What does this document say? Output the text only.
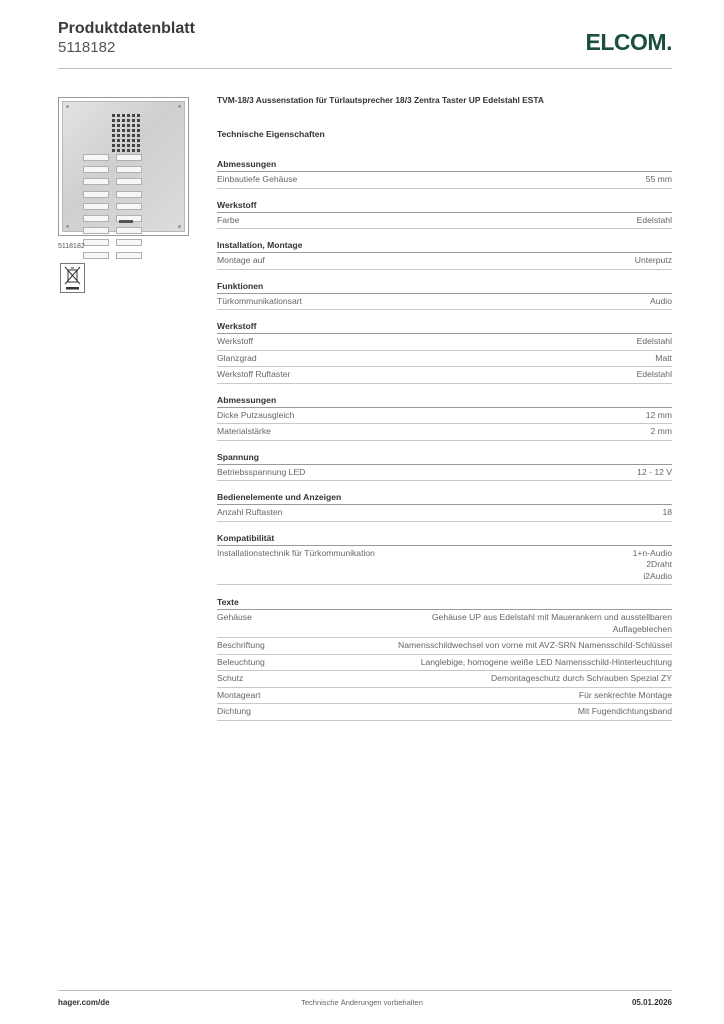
Produktdatenblatt
5118182	ELCOM.
5118182
TVM-18/3 Aussenstation für Türlautsprecher 18/3 Zentra Taster UP Edelstahl ESTA
Technische Eigenschaften
Abmessungen
Einbautiefe Gehäuse	55 mm
Werkstoff
Farbe	Edelstahl
Installation, Montage
Montage auf	Unterputz
Funktionen
Türkommunikationsart	Audio
Werkstoff
Werkstoff	Edelstahl
Glanzgrad	Matt
Werkstoff Ruftaster	Edelstahl
Abmessungen
Dicke Putzausgleich	12 mm
Materialstärke	2 mm
Spannung
Betriebsspannung LED	12 - 12 V
Bedienelemente und Anzeigen
Anzahl Ruftasten	18
Kompatibilität
Installationstechnik für Türkommunikation	1+n-Audio
2Draht
i2Audio
Texte
Gehäuse	Gehäuse UP aus Edelstahl mit Mauerankern und ausstellbaren Auflageblechen
Beschriftung	Namensschildwechsel von vorne mit AVZ-SRN Namensschild-Schlüssel
Beleuchtung	Langlebige, homogene weiße LED Namensschild-Hinterleuchtung
Schutz	Demontageschutz durch Schrauben Spezial ZY
Montageart	Für senkrechte Montage
Dichtung	Mit Fugendichtungsband
hager.com/de	Technische Änderungen vorbehalten	05.01.2026
